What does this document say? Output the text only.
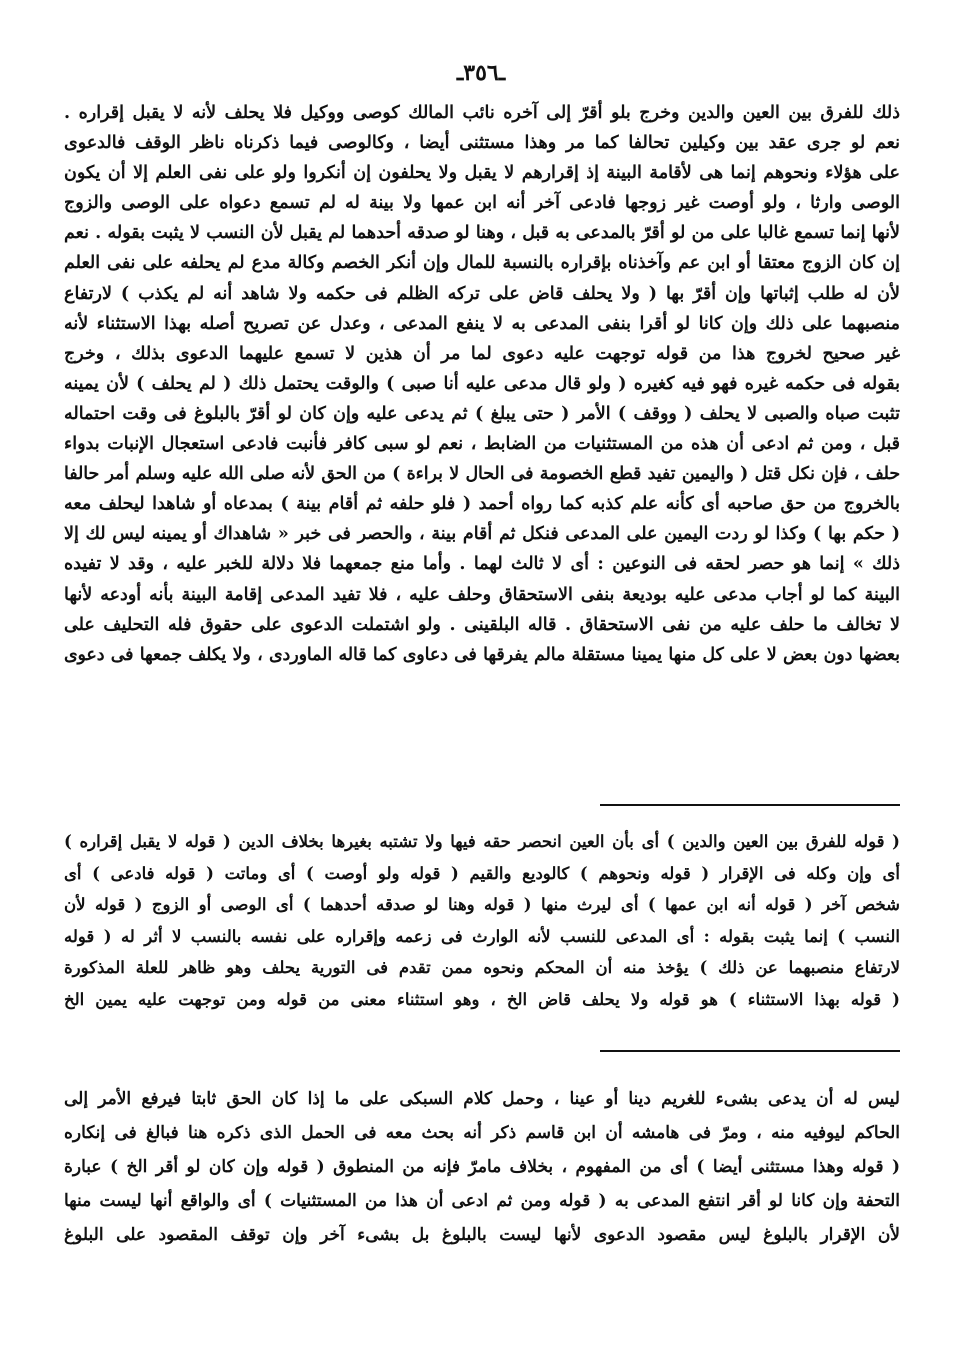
ـ٣٥٦ـ
ذلك للفرق بين العين والدين وخرج بلو أقرّ إلى آخره نائب المالك كوصى ووكيل فلا يحلف لأنه لا يقبل إقراره .
نعم لو جرى عقد بين وكيلين تحالفا كما مر وهذا مستثنى أيضا ، وكالوصى فيما ذكرناه ناظر الوقف فالدعوى
على هؤلاء ونحوهم إنما هى لأقامة البينة إذ إقرارهم لا يقبل ولا يحلفون إن أنكروا ولو على نفى العلم إلا أن يكون
الوصى وارثا ، ولو أوصت غير زوجها فادعى آخر أنه ابن عمها ولا بينة له لم تسمع دعواه على الوصى والزوج
لأنها إنما تسمع غالبا على من لو أقرّ بالمدعى به قبل ، وهنا لو صدقه أحدهما لم يقبل لأن النسب لا يثبت بقوله . نعم
إن كان الزوج معتقا أو ابن عم وآخذناه بإقراره بالنسبة للمال وإن أنكر الخصم وكالة مدع لم يحلفه على نفى العلم
لأن له طلب إثباتها وإن أقرّ بها ( ولا يحلف قاض على تركه الظلم فى حكمه ولا شاهد أنه لم يكذب ) لارتفاع
منصبهما على ذلك وإن كانا لو أقرا بنفى المدعى به لا ينفع المدعى ، وعدل عن تصريح أصله بهذا الاستثناء لأنه
غير صحيح لخروج هذا من قوله توجهت عليه دعوى لما مر أن هذين لا تسمع عليهما الدعوى بذلك ، وخرج
بقوله فى حكمه غيره فهو فيه كغيره ( ولو قال مدعى عليه أنا صبى ) والوقت يحتمل ذلك ( لم يحلف ) لأن يمينه
تثبت صباه والصبى لا يحلف ( ووقف ) الأمر ( حتى يبلغ ) ثم يدعى عليه وإن كان لو أقرّ بالبلوغ فى وقت احتماله
قبل ، ومن ثم ادعى أن هذه من المستثنيات من الضابط ، نعم لو سبى كافر فأنبت فادعى استعجال الإنبات بدواء
حلف ، فإن نكل قتل ( واليمين تفيد قطع الخصومة فى الحال لا براءة ) من الحق لأنه صلى الله عليه وسلم أمر حالفا
بالخروج من حق صاحبه أى كأنه علم كذبه كما رواه أحمد ( فلو حلفه ثم أقام بينة ) بمدعاه أو شاهدا ليحلف معه
( حكم بها ) وكذا لو ردت اليمين على المدعى فنكل ثم أقام بينة ، والحصر فى خبر « شاهداك أو يمينه ليس لك إلا
ذلك » إنما هو حصر لحقه فى النوعين : أى لا ثالث لهما . وأما منع جمعهما فلا دلالة للخبر عليه ، وقد لا تفيده
البينة كما لو أجاب مدعى عليه بوديعة بنفى الاستحقاق وحلف عليه ، فلا تفيد المدعى إقامة البينة بأنه أودعه لأنها
لا تخالف ما حلف عليه من نفى الاستحقاق . قاله البلقينى . ولو اشتملت الدعوى على حقوق فله التحليف على
بعضها دون بعض لا على كل منها يمينا مستقلة مالم يفرقها فى دعاوى كما قاله الماوردى ، ولا يكلف جمعها فى دعوى
( قوله للفرق بين العين والدين ) أى بأن العين انحصر حقه فيها ولا تشتبه بغيرها بخلاف الدين ( قوله لا يقبل إقراره )
أى وإن وكله فى الإقرار ( قوله ونحوهم ) كالوديع والقيم ( قوله ولو أوصت ) أى وماتت ( قوله فادعى ) أى
شخص آخر ( قوله أنه ابن عمها ) أى ليرث منها ( قوله وهنا لو صدقه أحدهما ) أى الوصى أو الزوج ( قوله لأن
النسب ) إنما يثبت بقوله : أى المدعى للنسب لأنه الوارث فى زعمه وإقراره على نفسه بالنسب لا أثر له ( قوله
لارتفاع منصبهما عن ذلك ) يؤخذ منه أن المحكم ونحوه ممن تقدم فى التورية يحلف وهو ظاهر للعلة المذكورة
( قوله بهذا الاستثناء ) هو قوله ولا يحلف قاض الخ ، وهو استثناء معنى من قوله ومن توجهت عليه يمين الخ
ليس له أن يدعى بشىء للغريم دينا أو عينا ، وحمل كلام السبكى على ما إذا كان الحق ثابتا فيرفع الأمر إلى
الحاكم ليوفيه منه ، ومرّ فى هامشه أن ابن قاسم ذكر أنه بحث معه فى الحمل الذى ذكره هنا فبالغ فى إنكاره
( قوله وهذا مستثنى أيضا ) أى من المفهوم ، بخلاف مامرّ فإنه من المنطوق ( قوله وإن كان لو أقر الخ ) عبارة
التحفة وإن كانا لو أقر انتفع المدعى به ( قوله ومن ثم ادعى أن هذا من المستثنيات ) أى والواقع أنها ليست منها
لأن الإقرار بالبلوغ ليس مقصود الدعوى لأنها ليست بالبلوغ بل بشىء آخر وإن توقف المقصود على البلوغ
